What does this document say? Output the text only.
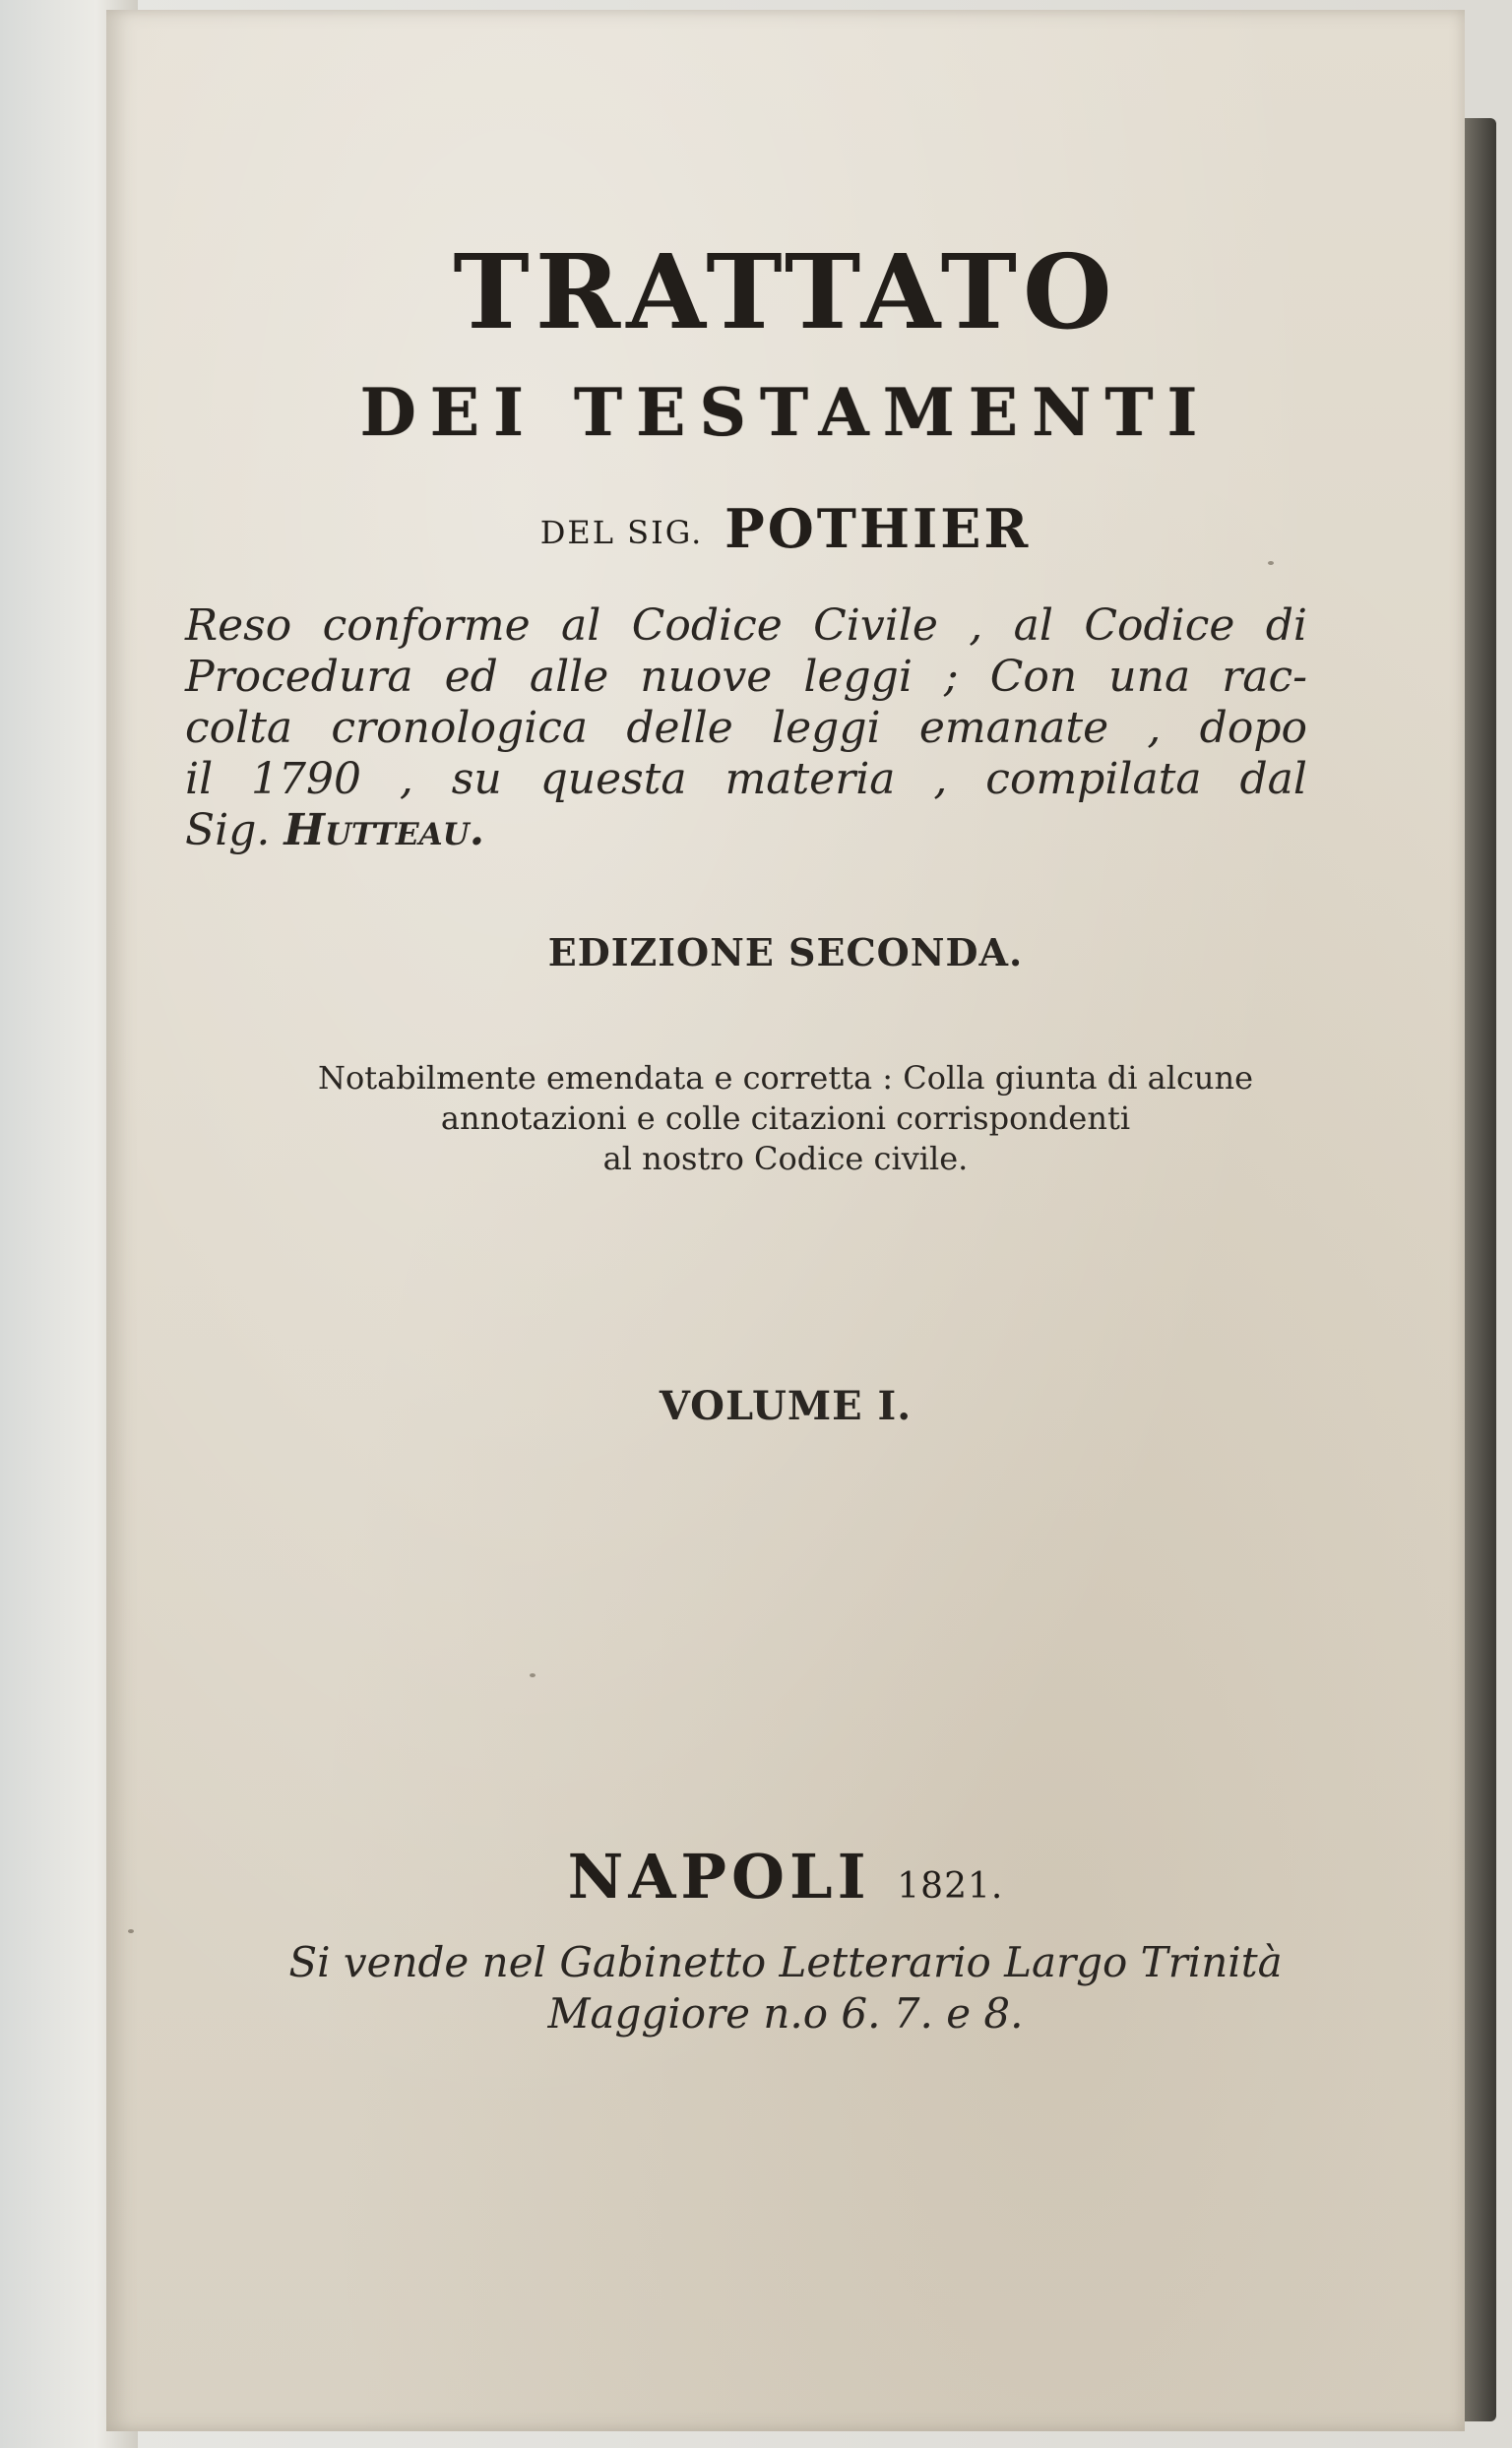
TRATTATO
DEI TESTAMENTI
DEL SIG. POTHIER
Reso conforme al Codice Civile , al Codice di
Procedura ed alle nuove leggi ; Con una rac-
colta cronologica delle leggi emanate , dopo
il 1790 , su questa materia , compilata dal
Sig. Hutteau.
EDIZIONE SECONDA.
Notabilmente emendata e corretta : Colla giunta di alcune
annotazioni e colle citazioni corrispondenti
al nostro Codice civile.
VOLUME I.
NAPOLI 1821.
Si vende nel Gabinetto Letterario Largo Trinità
Maggiore n.o 6. 7. e 8.
